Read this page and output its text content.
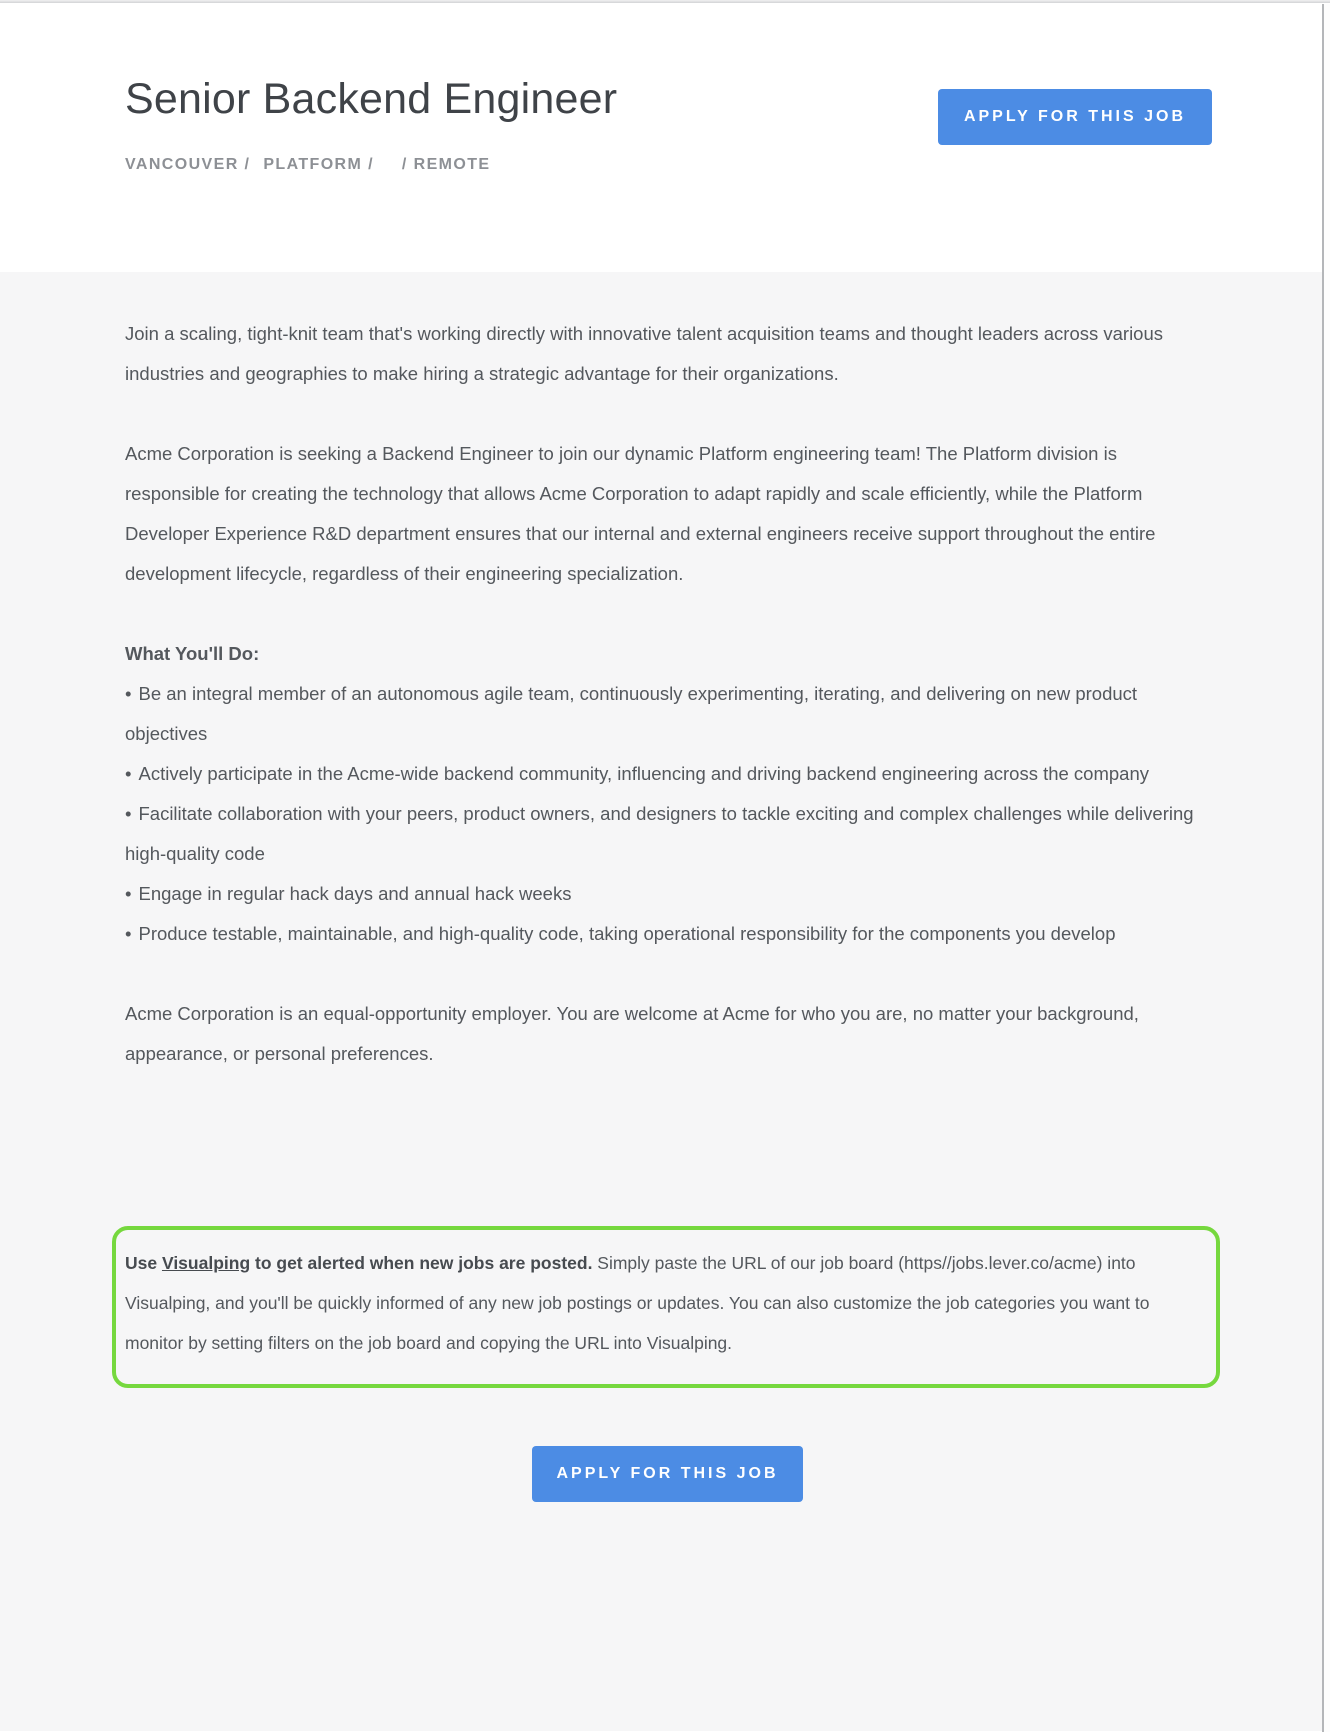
Senior Backend Engineer	APPLY FOR THIS JOB
VANCOUVER / PLATFORM / / REMOTE

Join a scaling, tight-knit team that's working directly with innovative talent acquisition teams and thought leaders across various industries and geographies to make hiring a strategic advantage for their organizations.

Acme Corporation is seeking a Backend Engineer to join our dynamic Platform engineering team! The Platform division is responsible for creating the technology that allows Acme Corporation to adapt rapidly and scale efficiently, while the Platform Developer Experience R&D department ensures that our internal and external engineers receive support throughout the entire development lifecycle, regardless of their engineering specialization.

What You'll Do:

• Be an integral member of an autonomous agile team, continuously experimenting, iterating, and delivering on new product objectives

• Actively participate in the Acme-wide backend community, influencing and driving backend engineering across the company

• Facilitate collaboration with your peers, product owners, and designers to tackle exciting and complex challenges while delivering high-quality code

• Engage in regular hack days and annual hack weeks

• Produce testable, maintainable, and high-quality code, taking operational responsibility for the components you develop

Acme Corporation is an equal-opportunity employer. You are welcome at Acme for who you are, no matter your background, appearance, or personal preferences.

Use Visualping to get alerted when new jobs are posted. Simply paste the URL of our job board (https//jobs.lever.co/acme) into Visualping, and you'll be quickly informed of any new job postings or updates. You can also customize the job categories you want to monitor by setting filters on the job board and copying the URL into Visualping.
APPLY FOR THIS JOB
